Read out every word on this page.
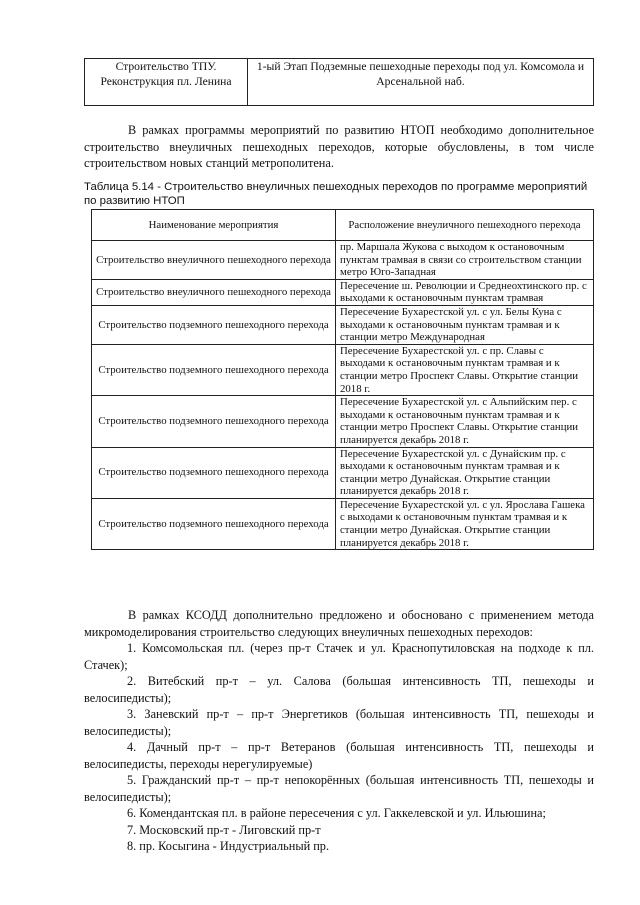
Строительство ТПУ. Реконструкция пл. Ленина	1-ый Этап Подземные пешеходные переходы под ул. Комсомола и Арсенальной наб.
В рамках программы мероприятий по развитию НТОП необходимо дополнительное строительство внеуличных пешеходных переходов, которые обусловлены, в том числе строительством новых станций метрополитена.
Таблица 5.14 - Строительство внеуличных пешеходных переходов по программе мероприятий по развитию НТОП
Наименование мероприятия	Расположение внеуличного пешеходного перехода
Строительство внеуличного пешеходного перехода	пр. Маршала Жукова с выходом к остановочным пунктам трамвая в связи со строительством станции метро Юго-Западная
Строительство внеуличного пешеходного перехода	Пересечение ш. Революции и Среднеохтинского пр. с выходами к остановочным пунктам трамвая
Строительство подземного пешеходного перехода	Пересечение Бухарестской ул. с ул. Белы Куна с выходами к остановочным пунктам трамвая и к станции метро Международная
Строительство подземного пешеходного перехода	Пересечение Бухарестской ул. с пр. Славы с выходами к остановочным пунктам трамвая и к станции метро Проспект Славы. Открытие станции 2018 г.
Строительство подземного пешеходного перехода	Пересечение Бухарестской ул. с Альпийским пер. с выходами к остановочным пунктам трамвая и к станции метро Проспект Славы. Открытие станции планируется декабрь 2018 г.
Строительство подземного пешеходного перехода	Пересечение Бухарестской ул. с Дунайским пр. с выходами к остановочным пунктам трамвая и к станции метро Дунайская. Открытие станции планируется декабрь 2018 г.
Строительство подземного пешеходного перехода	Пересечение Бухарестской ул. с ул. Ярослава Гашека с выходами к остановочным пунктам трамвая и к станции метро Дунайская. Открытие станции планируется декабрь 2018 г.

В рамках КСОДД дополнительно предложено и обосновано с применением метода микромоделирования строительство следующих внеуличных пешеходных переходов:

1. Комсомольская пл. (через пр-т Стачек и ул. Краснопутиловская на подходе к пл. Стачек);

2. Витебский пр-т – ул. Салова (большая интенсивность ТП, пешеходы и велосипедисты);

3. Заневский пр-т – пр-т Энергетиков (большая интенсивность ТП, пешеходы и велосипедисты);

4. Дачный пр-т – пр-т Ветеранов (большая интенсивность ТП, пешеходы и велосипедисты, переходы нерегулируемые)

5. Гражданский пр-т – пр-т непокорённых (большая интенсивность ТП, пешеходы и велосипедисты);

6. Комендантская пл. в районе пересечения с ул. Гаккелевской и ул. Ильюшина;

7. Московский пр-т - Лиговский пр-т

8. пр. Косыгина - Индустриальный пр.
